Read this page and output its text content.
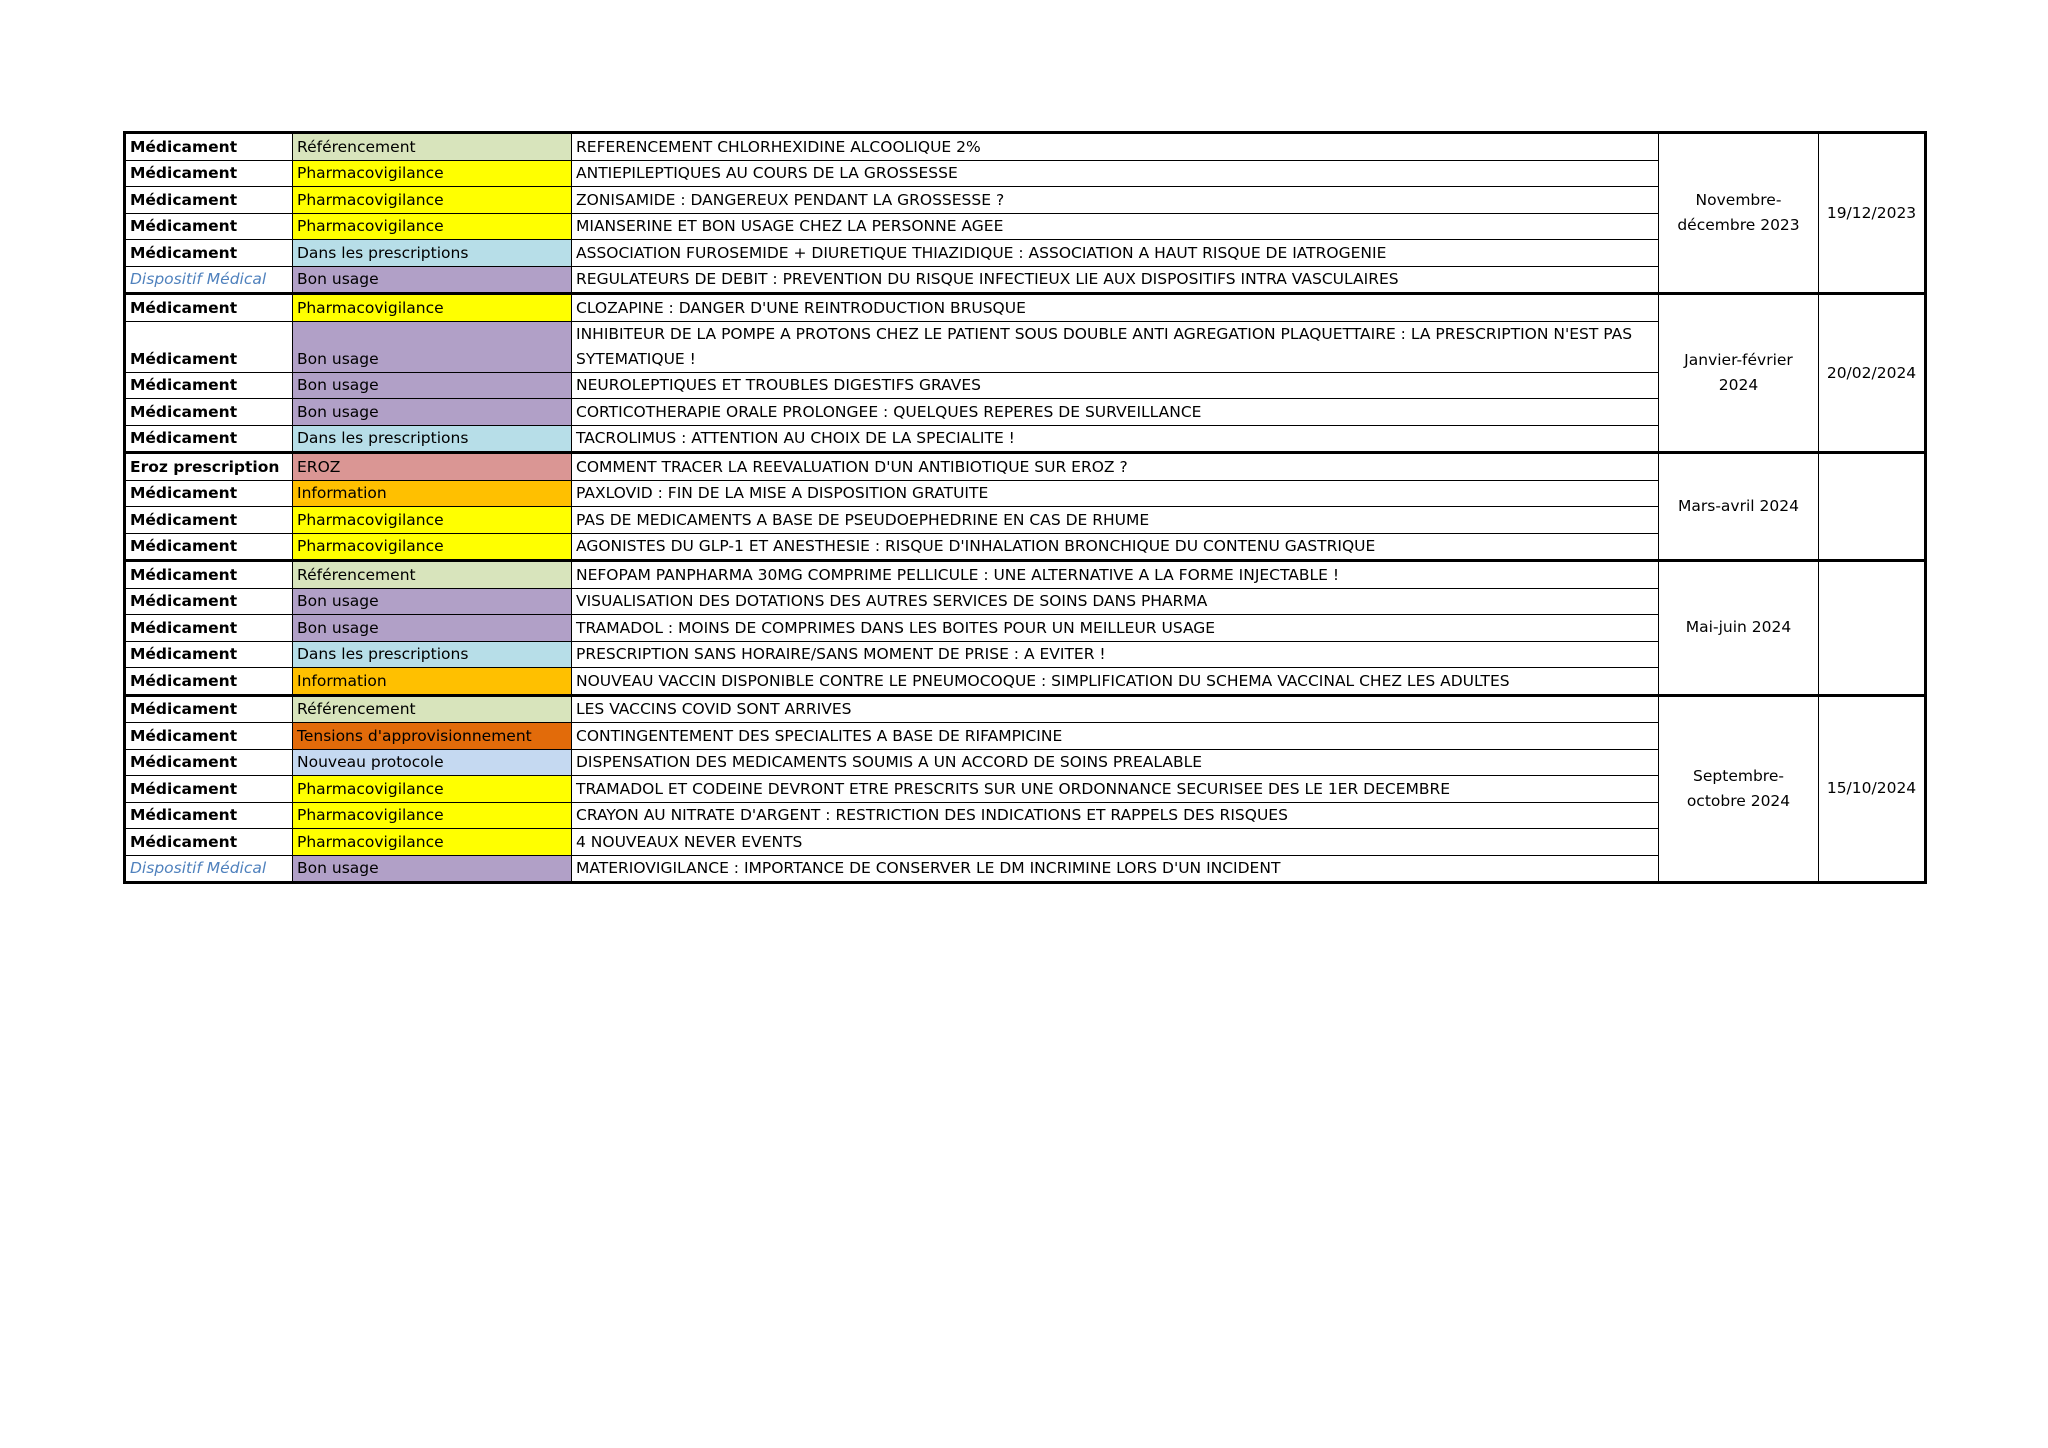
Médicament	Référencement	REFERENCEMENT CHLORHEXIDINE ALCOOLIQUE 2%	Novembre-décembre 2023	19/12/2023
Médicament	Pharmacovigilance	ANTIEPILEPTIQUES AU COURS DE LA GROSSESSE		
Médicament	Pharmacovigilance	ZONISAMIDE : DANGEREUX PENDANT LA GROSSESSE ?		
Médicament	Pharmacovigilance	MIANSERINE ET BON USAGE CHEZ LA PERSONNE AGEE		
Médicament	Dans les prescriptions	ASSOCIATION FUROSEMIDE + DIURETIQUE THIAZIDIQUE : ASSOCIATION A HAUT RISQUE DE IATROGENIE		
Dispositif Médical	Bon usage	REGULATEURS DE DEBIT : PREVENTION DU RISQUE INFECTIEUX LIE AUX DISPOSITIFS INTRA VASCULAIRES		
Médicament	Pharmacovigilance	CLOZAPINE : DANGER D'UNE REINTRODUCTION BRUSQUE	Janvier-février 2024	20/02/2024
Médicament	Bon usage	INHIBITEUR DE LA POMPE A PROTONS CHEZ LE PATIENT SOUS DOUBLE ANTI AGREGATION PLAQUETTAIRE : LA PRESCRIPTION N'EST PAS SYTEMATIQUE !		
Médicament	Bon usage	NEUROLEPTIQUES ET TROUBLES DIGESTIFS GRAVES		
Médicament	Bon usage	CORTICOTHERAPIE ORALE PROLONGEE : QUELQUES REPERES DE SURVEILLANCE		
Médicament	Dans les prescriptions	TACROLIMUS : ATTENTION AU CHOIX DE LA SPECIALITE !		
Eroz prescription	EROZ	COMMENT TRACER LA REEVALUATION D'UN ANTIBIOTIQUE SUR EROZ ?	Mars-avril 2024	
Médicament	Information	PAXLOVID : FIN DE LA MISE A DISPOSITION GRATUITE		
Médicament	Pharmacovigilance	PAS DE MEDICAMENTS A BASE DE PSEUDOEPHEDRINE EN CAS DE RHUME		
Médicament	Pharmacovigilance	AGONISTES DU GLP-1 ET ANESTHESIE : RISQUE D'INHALATION BRONCHIQUE DU CONTENU GASTRIQUE		
Médicament	Référencement	NEFOPAM PANPHARMA 30MG COMPRIME PELLICULE : UNE ALTERNATIVE A LA FORME INJECTABLE !	Mai-juin 2024	
Médicament	Bon usage	VISUALISATION DES DOTATIONS DES AUTRES SERVICES DE SOINS DANS PHARMA		
Médicament	Bon usage	TRAMADOL : MOINS DE COMPRIMES DANS LES BOITES POUR UN MEILLEUR USAGE		
Médicament	Dans les prescriptions	PRESCRIPTION SANS HORAIRE/SANS MOMENT DE PRISE : A EVITER !		
Médicament	Information	NOUVEAU VACCIN DISPONIBLE CONTRE LE PNEUMOCOQUE : SIMPLIFICATION DU SCHEMA VACCINAL CHEZ LES ADULTES		
Médicament	Référencement	LES VACCINS COVID SONT ARRIVES	Septembre-octobre 2024	15/10/2024
Médicament	Tensions d'approvisionnement	CONTINGENTEMENT DES SPECIALITES A BASE DE RIFAMPICINE		
Médicament	Nouveau protocole	DISPENSATION DES MEDICAMENTS SOUMIS A UN ACCORD DE SOINS PREALABLE		
Médicament	Pharmacovigilance	TRAMADOL ET CODEINE DEVRONT ETRE PRESCRITS SUR UNE ORDONNANCE SECURISEE DES LE 1ER DECEMBRE		
Médicament	Pharmacovigilance	CRAYON AU NITRATE D'ARGENT : RESTRICTION DES INDICATIONS ET RAPPELS DES RISQUES		
Médicament	Pharmacovigilance	4 NOUVEAUX NEVER EVENTS		
Dispositif Médical	Bon usage	MATERIOVIGILANCE : IMPORTANCE DE CONSERVER LE DM INCRIMINE LORS D'UN INCIDENT		
